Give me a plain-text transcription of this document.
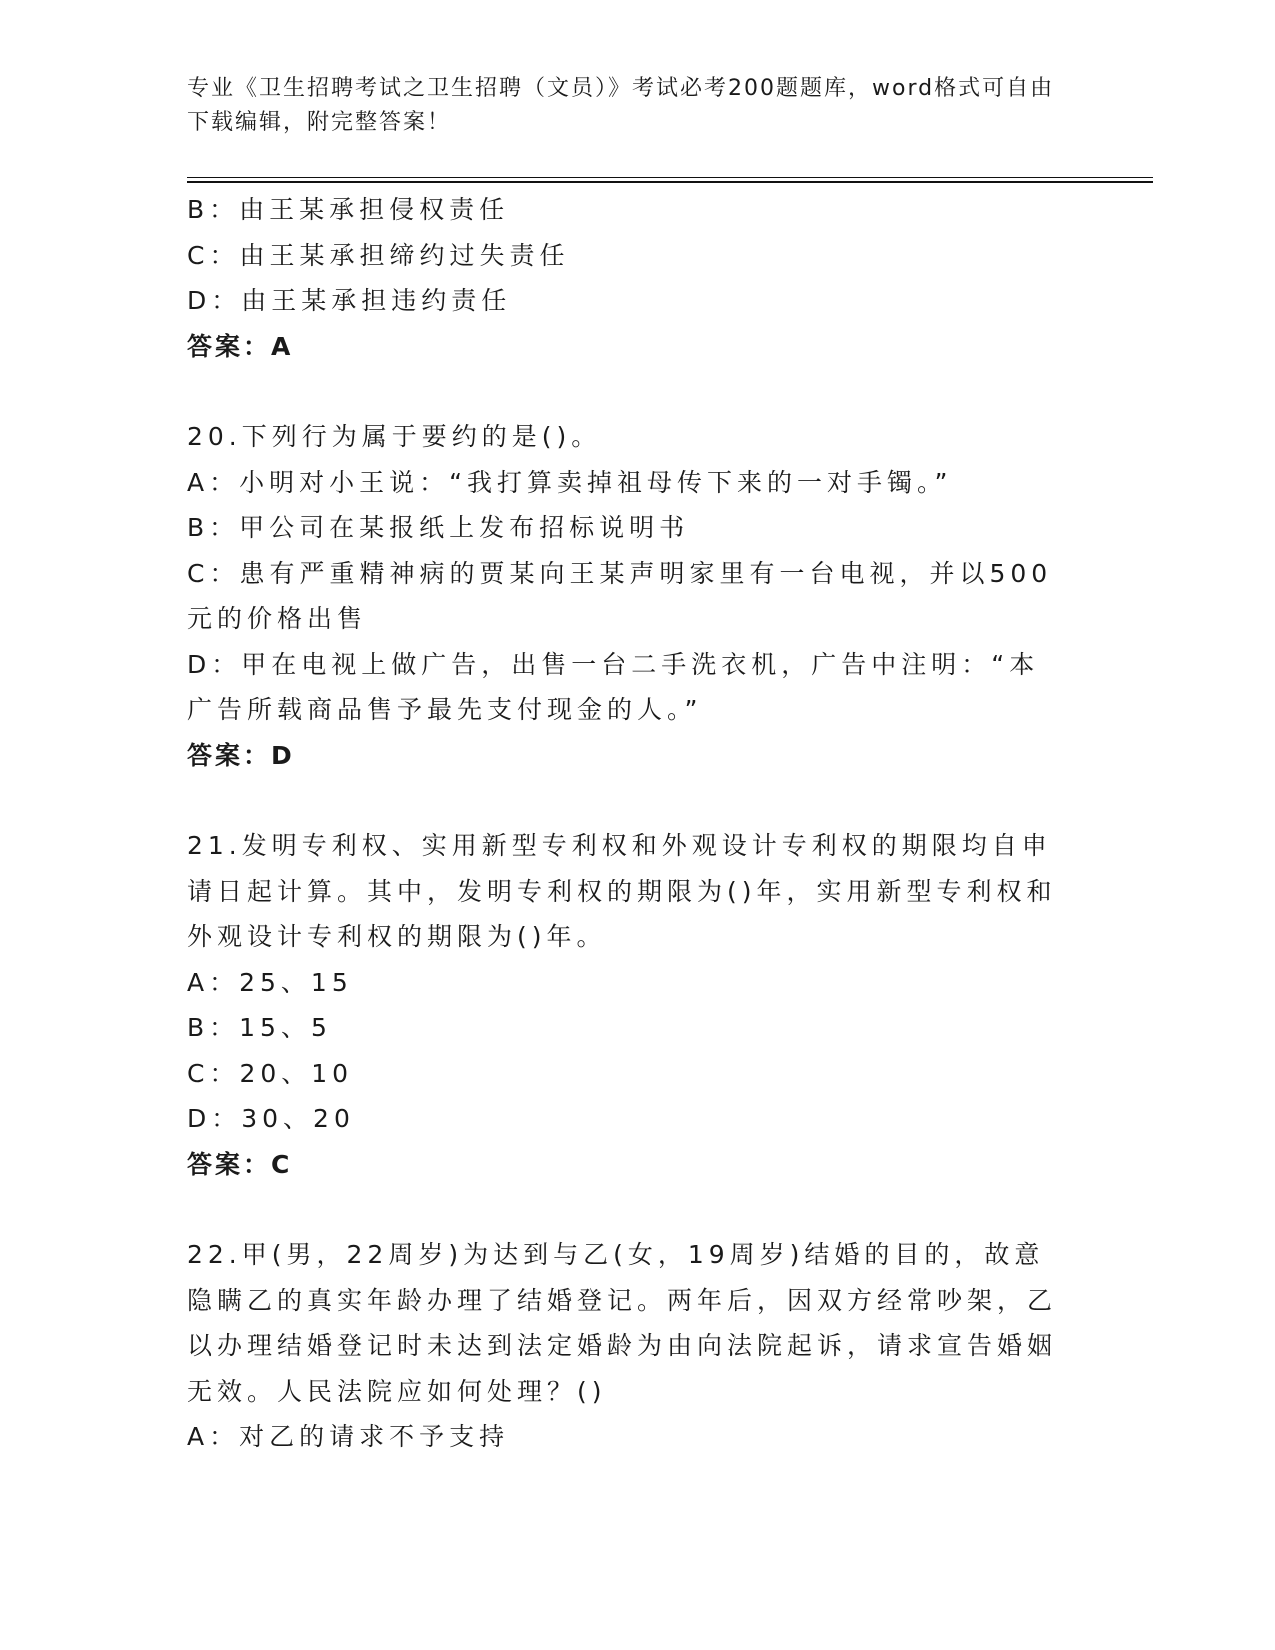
专业《卫生招聘考试之卫生招聘（文员）》考试必考200题题库，word格式可自由下载编辑，附完整答案！

B：由王某承担侵权责任

C：由王某承担缔约过失责任

D：由王某承担违约责任

答案：A

20.下列行为属于要约的是()。

A：小明对小王说：“我打算卖掉祖母传下来的一对手镯。”

B：甲公司在某报纸上发布招标说明书

C：患有严重精神病的贾某向王某声明家里有一台电视，并以500元的价格出售

D：甲在电视上做广告，出售一台二手洗衣机，广告中注明：“本广告所载商品售予最先支付现金的人。”

答案：D

21.发明专利权、实用新型专利权和外观设计专利权的期限均自申请日起计算。其中，发明专利权的期限为()年，实用新型专利权和外观设计专利权的期限为()年。

A：25、15

B：15、5

C：20、10

D：30、20

答案：C

22.甲(男，22周岁)为达到与乙(女，19周岁)结婚的目的，故意隐瞒乙的真实年龄办理了结婚登记。两年后，因双方经常吵架，乙以办理结婚登记时未达到法定婚龄为由向法院起诉，请求宣告婚姻无效。人民法院应如何处理？()

A：对乙的请求不予支持
